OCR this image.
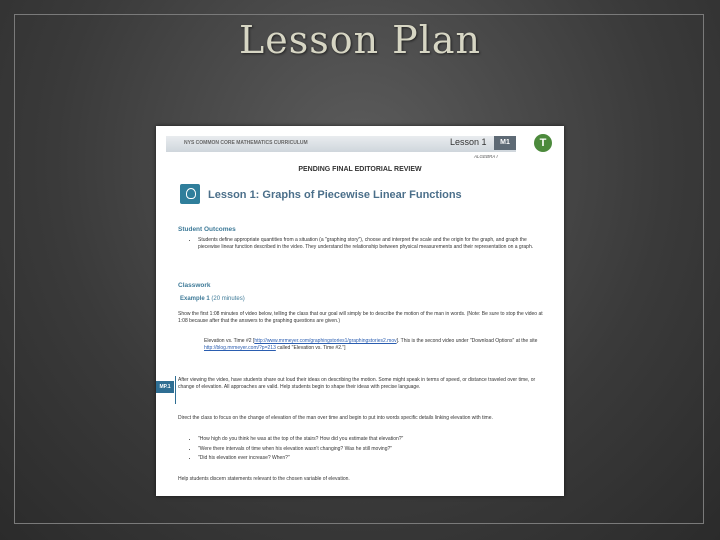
Lesson Plan
NYS COMMON CORE MATHEMATICS CURRICULUM	Lesson 1	M1
ALGEBRA I
T
PENDING FINAL EDITORIAL REVIEW
Lesson 1: Graphs of Piecewise Linear Functions
Student Outcomes
• Students define appropriate quantities from a situation (a "graphing story"), choose and interpret the scale and the origin for the graph, and graph the piecewise linear function described in the video. They understand the relationship between physical measurements and their representation on a graph.
Classwork
Example 1 (20 minutes)
Show the first 1:08 minutes of video below, telling the class that our goal will simply be to describe the motion of the man in words. (Note: Be sure to stop the video at 1:08 because after that the answers to the graphing questions are given.)
Elevation vs. Time #2 [http://www.mrmeyer.com/graphingstories1/graphingstories2.mov]. This is the second video under "Download Options" at the site http://blog.mrmeyer.com/?p=213 called "Elevation vs. Time #2."]
MP.1
After viewing the video, have students share out loud their ideas on describing the motion. Some might speak in terms of speed, or distance traveled over time, or change of elevation. All approaches are valid. Help students begin to shape their ideas with precise language.
Direct the class to focus on the change of elevation of the man over time and begin to put into words specific details linking elevation with time.
• "How high do you think he was at the top of the stairs? How did you estimate that elevation?"
• "Were there intervals of time when his elevation wasn't changing? Was he still moving?"
• "Did his elevation ever increase? When?"
Help students discern statements relevant to the chosen variable of elevation.
